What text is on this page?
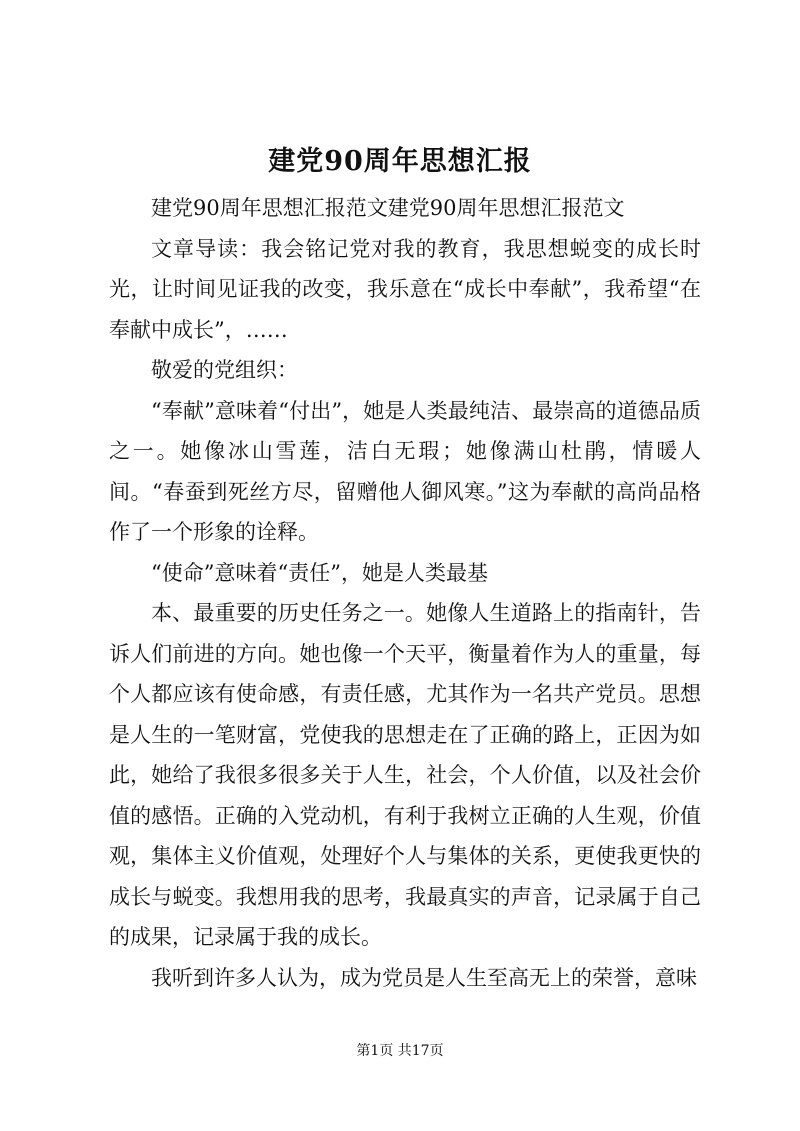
建党90周年思想汇报

建党90周年思想汇报范文建党90周年思想汇报范文

文章导读：我会铭记党对我的教育，我思想蜕变的成长时光，让时间见证我的改变，我乐意在“成长中奉献”，我希望“在奉献中成长”，……

敬爱的党组织：

“奉献”意味着“付出”，她是人类最纯洁、最崇高的道德品质之一。她像冰山雪莲，洁白无瑕；她像满山杜鹃，情暖人间。“春蚕到死丝方尽，留赠他人御风寒。”这为奉献的高尚品格作了一个形象的诠释。

“使命”意味着“责任”，她是人类最基

本、最重要的历史任务之一。她像人生道路上的指南针，告诉人们前进的方向。她也像一个天平，衡量着作为人的重量，每个人都应该有使命感，有责任感，尤其作为一名共产党员。思想是人生的一笔财富，党使我的思想走在了正确的路上，正因为如此，她给了我很多很多关于人生，社会，个人价值，以及社会价值的感悟。正确的入党动机，有利于我树立正确的人生观，价值观，集体主义价值观，处理好个人与集体的关系，更使我更快的成长与蜕变。我想用我的思考，我最真实的声音，记录属于自己的成果，记录属于我的成长。

我听到许多人认为，成为党员是人生至高无上的荣誉，意味

第1页 共17页
